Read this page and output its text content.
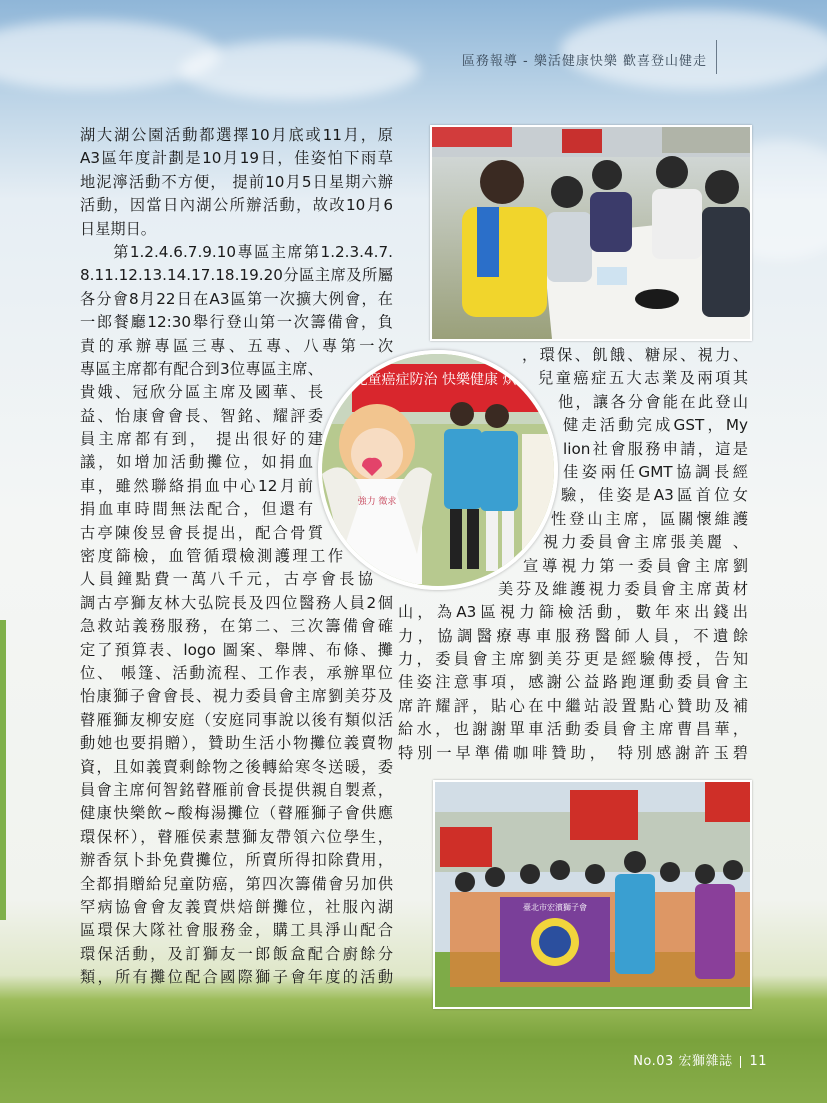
區務報導 - 樂活健康快樂 歡喜登山健走
兒童癌症防治 快樂健康 烘培
強力 徵求
臺北市宏濱獅子會
湖大湖公園活動都選擇10月底或11月，原
A3區年度計劃是10月19日，佳姿怕下雨草
地泥濘活動不方便， 提前10月5日星期六辦
活動，因當日內湖公所辦活動，故改10月6
日星期日。
　　第1.2.4.6.7.9.10專區主席第1.2.3.4.7.
8.11.12.13.14.17.18.19.20分區主席及所屬
各分會8月22日在A3區第一次擴大例會，在
一郎餐廳12:30舉行登山第一次籌備會，負
責的承辦專區三專、五專、八專第一次
專區主席都有配合到3位專區主席、
貴娥、冠欣分區主席及國華、長
益、怡康會會長、智銘、耀評委
員主席都有到， 提出很好的建
議，如增加活動攤位，如捐血
車，雖然聯絡捐血中心12月前
捐血車時間無法配合，但還有
古亭陳俊昱會長提出，配合骨質
密度篩檢，血管循環檢測護理工作
人員鐘點費一萬八千元，古亭會長協
調古亭獅友林大弘院長及四位醫務人員2個
急救站義務服務，在第二、三次籌備會確
定了預算表、logo 圖案、舉牌、布條、攤
位、 帳篷、活動流程、工作表，承辦單位
怡康獅子會會長、視力委員會主席劉美芬及
瞽雁獅友柳安庭（安庭同事說以後有類似活
動她也要捐贈），贊助生活小物攤位義賣物
資，且如義賣剩餘物之後轉給寒冬送暖，委
員會主席何智銘瞽雁前會長提供親自製煮，
健康快樂飲~酸梅湯攤位（瞽雁獅子會供應
環保杯），瞽雁侯素慧獅友帶領六位學生，
辦香氛卜卦免費攤位，所賣所得扣除費用，
全都捐贈給兒童防癌，第四次籌備會另加供
罕病協會會友義賣烘焙餅攤位，社服內湖
區環保大隊社會服務金，購工具淨山配合
環保活動，及訂獅友一郎飯盒配合廚餘分
類，所有攤位配合國際獅子會年度的活動
，環保、飢餓、糖尿、視力、
兒童癌症五大志業及兩項其
他，讓各分會能在此登山
健走活動完成GST，My
lion社會服務申請，這是
佳姿兩任GMT協調長經
驗，佳姿是A3區首位女
性登山主席，區關懷維護
視力委員會主席張美麗 、
宣導視力第一委員會主席劉
美芬及維護視力委員會主席黃材
山，為A3區視力篩檢活動，數年來出錢出
力，協調醫療專車服務醫師人員，不遺餘
力，委員會主席劉美芬更是經驗傳授，告知
佳姿注意事項，感謝公益路跑運動委員會主
席許耀評，貼心在中繼站設置點心贊助及補
給水，也謝謝單車活動委員會主席曹昌華，
特別一早準備咖啡贊助， 特別感謝許玉碧
No.03 宏獅雜誌 11
